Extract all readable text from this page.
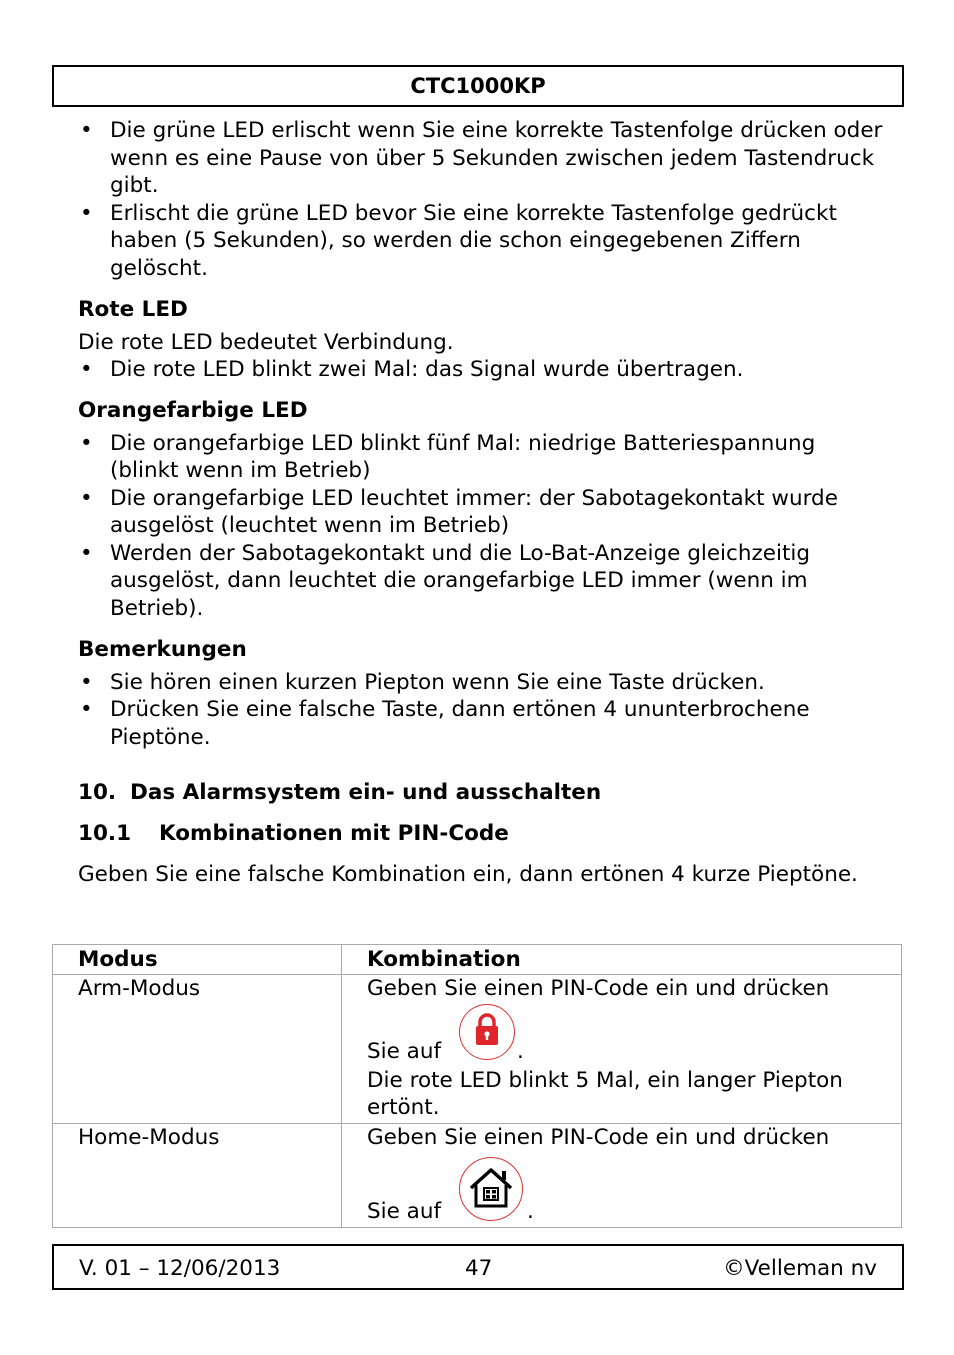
CTC1000KP
• Die grüne LED erlischt wenn Sie eine korrekte Tastenfolge drücken oder wenn es eine Pause von über 5 Sekunden zwischen jedem Tastendruck gibt.
• Erlischt die grüne LED bevor Sie eine korrekte Tastenfolge gedrückt haben (5 Sekunden), so werden die schon eingegebenen Ziffern gelöscht.
Rote LED
Die rote LED bedeutet Verbindung.
• Die rote LED blinkt zwei Mal: das Signal wurde übertragen.
Orangefarbige LED
• Die orangefarbige LED blinkt fünf Mal: niedrige Batteriespannung (blinkt wenn im Betrieb)
• Die orangefarbige LED leuchtet immer: der Sabotagekontakt wurde ausgelöst (leuchtet wenn im Betrieb)
• Werden der Sabotagekontakt und die Lo-Bat-Anzeige gleichzeitig ausgelöst, dann leuchtet die orangefarbige LED immer (wenn im Betrieb).
Bemerkungen
• Sie hören einen kurzen Piepton wenn Sie eine Taste drücken.
• Drücken Sie eine falsche Taste, dann ertönen 4 ununterbrochene Pieptöne.
10. Das Alarmsystem ein- und ausschalten
10.1 Kombinationen mit PIN-Code
Geben Sie eine falsche Kombination ein, dann ertönen 4 kurze Pieptöne.
Modus	Kombination
Arm-Modus	Geben Sie einen PIN-Code ein und drücken
Sie auf .
Die rote LED blinkt 5 Mal, ein langer Piepton ertönt.

Home-Modus	Geben Sie einen PIN-Code ein und drücken
Sie auf .
V. 01 – 12/06/2013	47	©Velleman nv
